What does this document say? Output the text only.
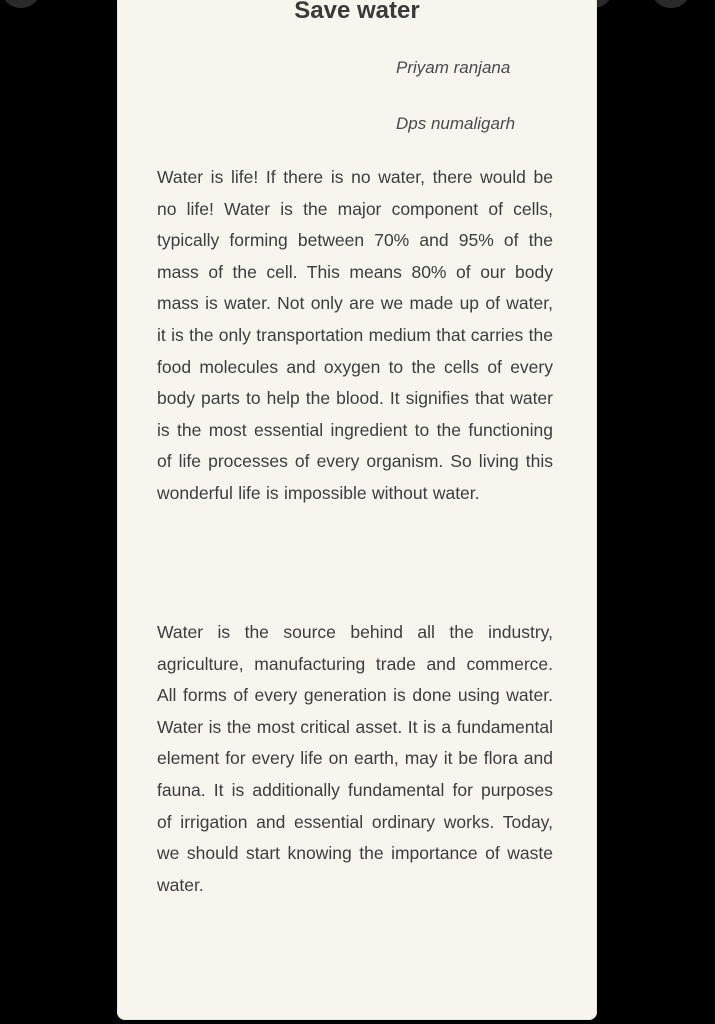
Save water
Priyam ranjana
Dps numaligarh

Water is life! If there is no water, there would be no life! Water is the major component of cells, typically forming between 70% and 95% of the mass of the cell. This means 80% of our body mass is water. Not only are we made up of water, it is the only transportation medium that carries the food molecules and oxygen to the cells of every body parts to help the blood. It signifies that water is the most essential ingredient to the functioning of life processes of every organism. So living this wonderful life is impossible without water.

Water is the source behind all the industry, agriculture, manufacturing trade and commerce. All forms of every generation is done using water. Water is the most critical asset. It is a fundamental element for every life on earth, may it be flora and fauna. It is additionally fundamental for purposes of irrigation and essential ordinary works. Today, we should start knowing the importance of waste water.
